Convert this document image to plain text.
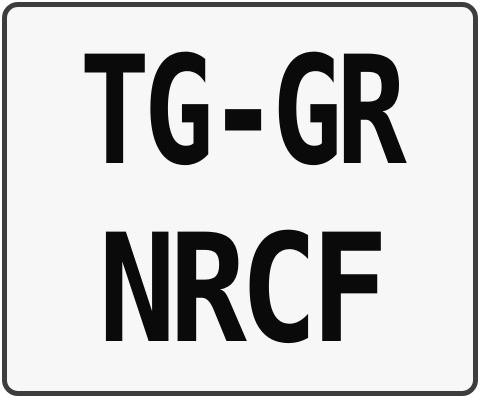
TG-GR
NRCF
